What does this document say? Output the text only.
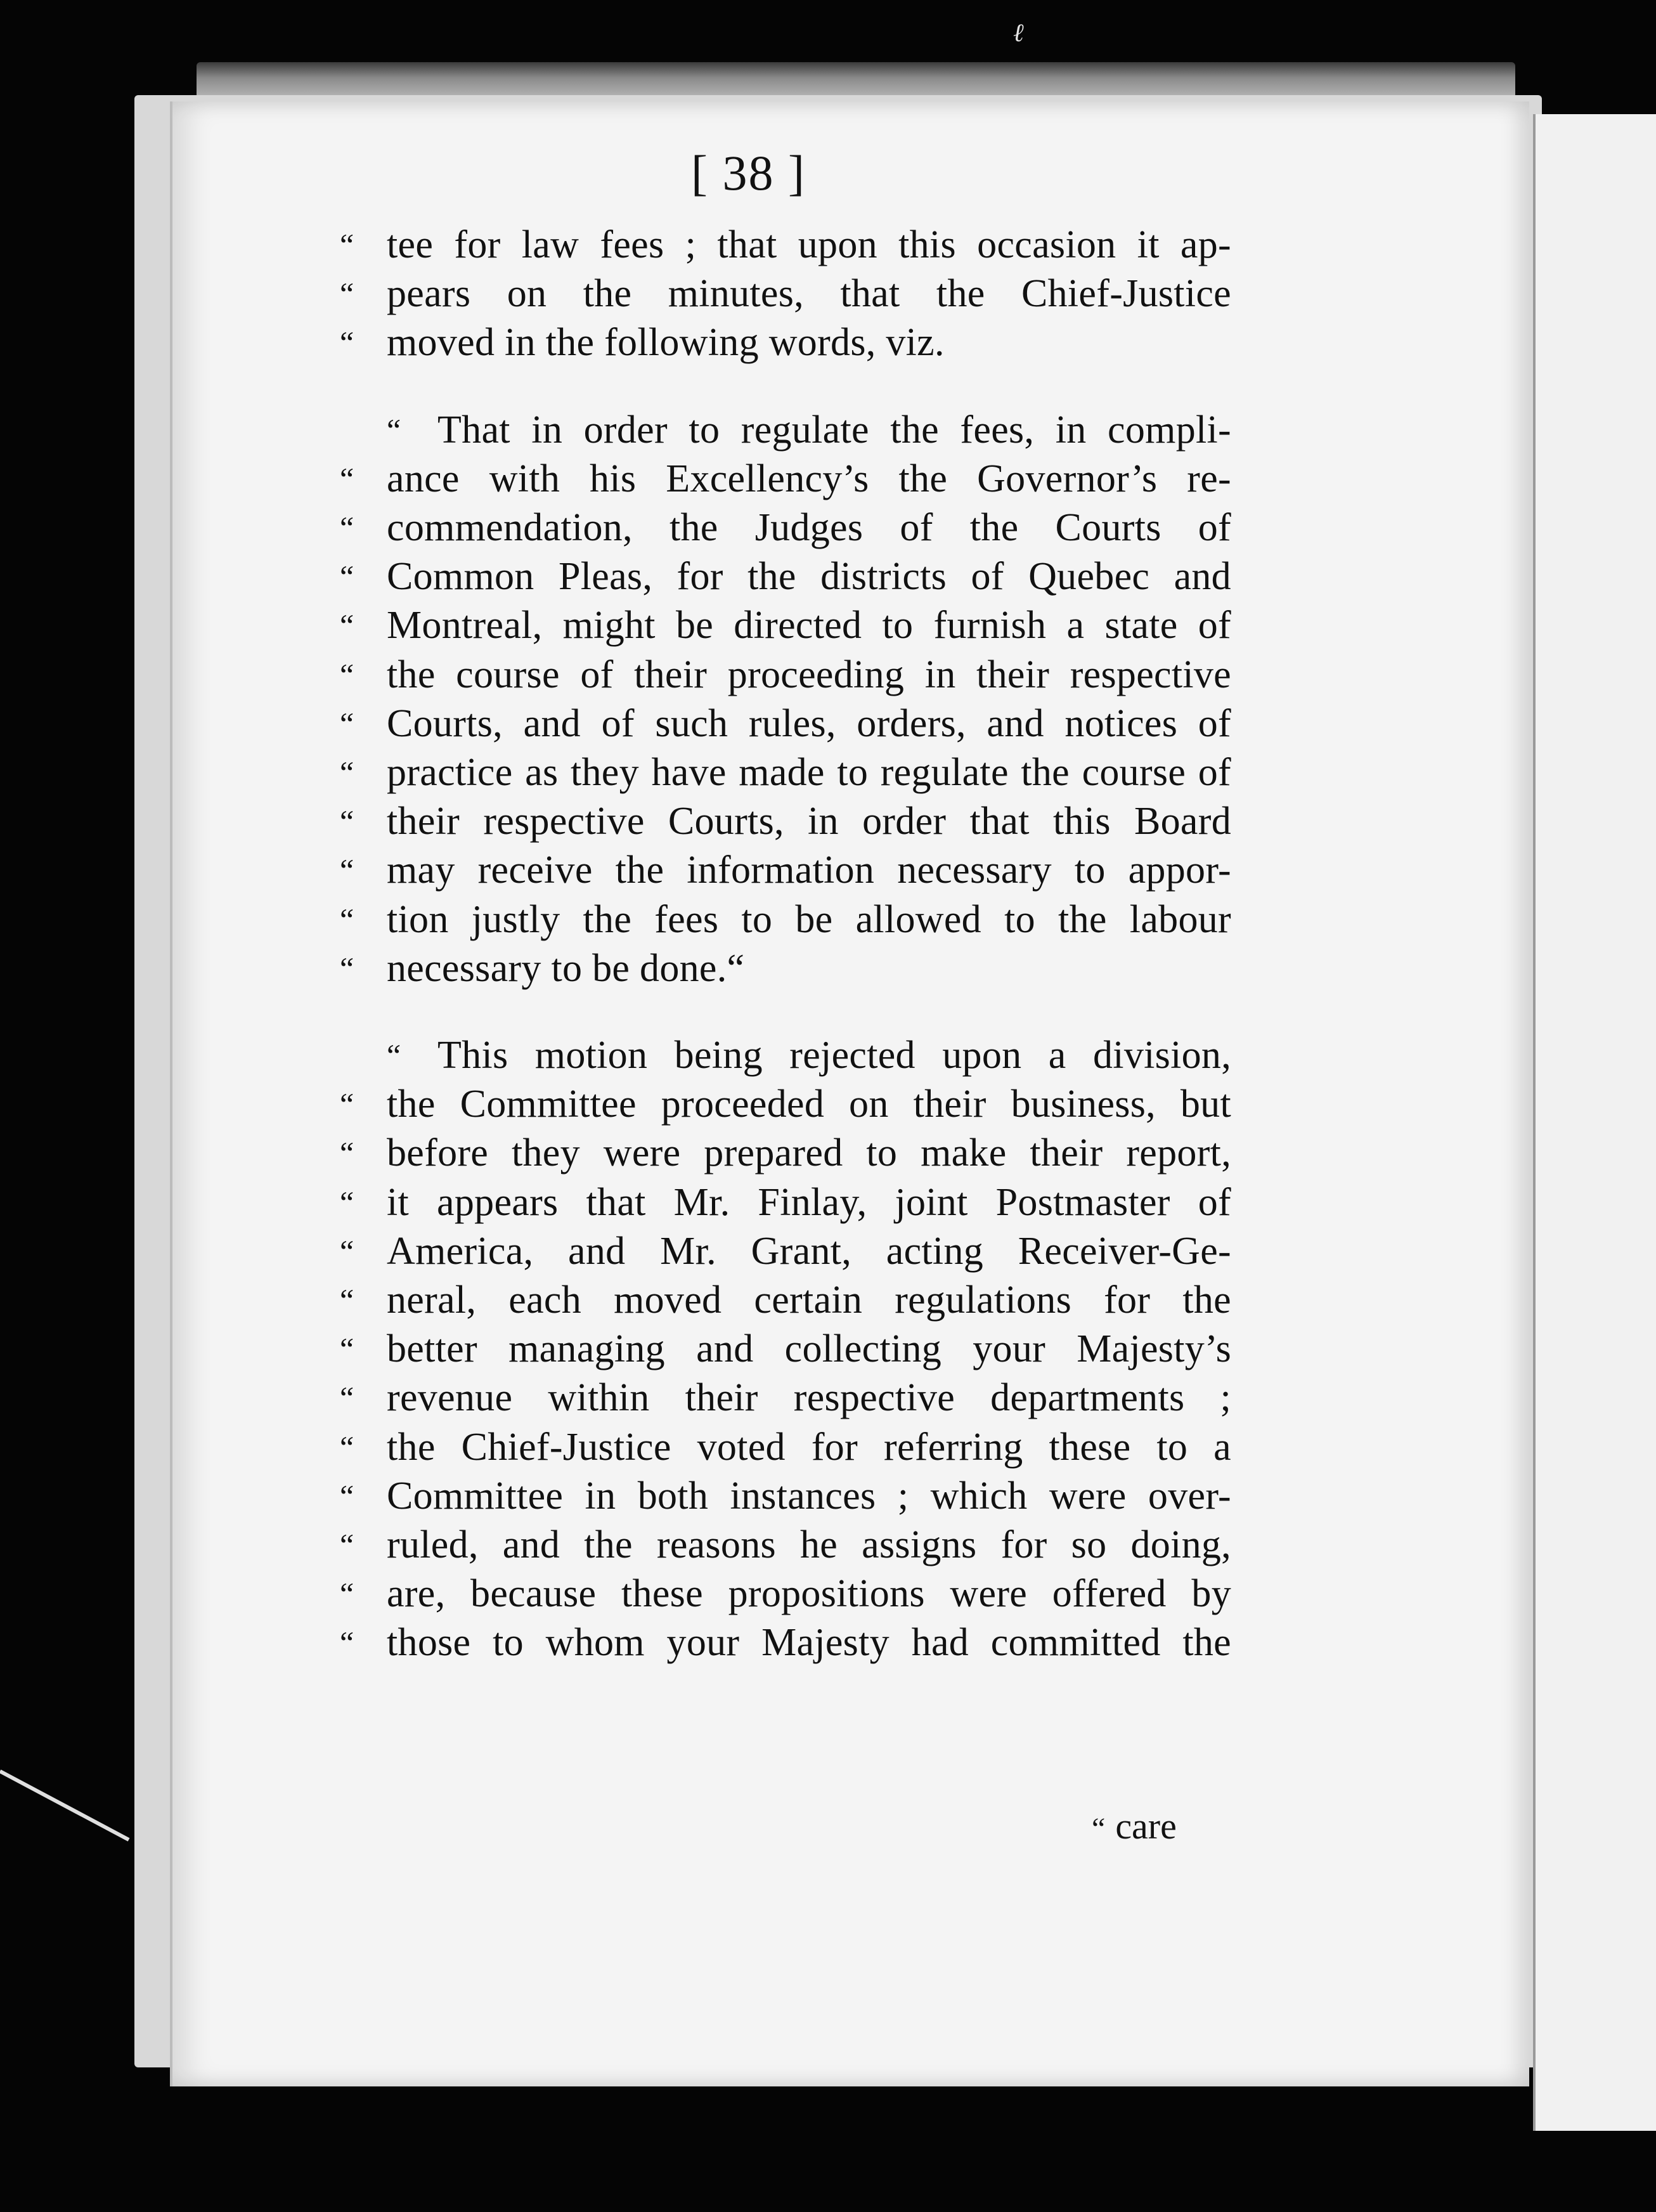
ℓ
[ 38 ]
“ tee for law fees ; that upon this occasion it ap-
“ pears on the minutes, that the Chief-Justice
“ moved in the following words, viz.
“ That in order to regulate the fees, in compli-
“ ance with his Excellency’s the Governor’s re-
“ commendation, the Judges of the Courts of
“ Common Pleas, for the districts of Quebec and
“ Montreal, might be directed to furnish a state of
“ the course of their proceeding in their respective
“ Courts, and of such rules, orders, and notices of
“ practice as they have made to regulate the course of
“ their respective Courts, in order that this Board
“ may receive the information necessary to appor-
“ tion justly the fees to be allowed to the labour
“ necessary to be done.“
“ This motion being rejected upon a division,
“ the Committee proceeded on their business, but
“ before they were prepared to make their report,
“ it appears that Mr. Finlay, joint Postmaster of
“ America, and Mr. Grant, acting Receiver-Ge-
“ neral, each moved certain regulations for the
“ better managing and collecting your Majesty’s
“ revenue within their respective departments ;
“ the Chief-Justice voted for referring these to a
“ Committee in both instances ; which were over-
“ ruled, and the reasons he assigns for so doing,
“ are, because these propositions were offered by
“ those to whom your Majesty had committed the
“ care
